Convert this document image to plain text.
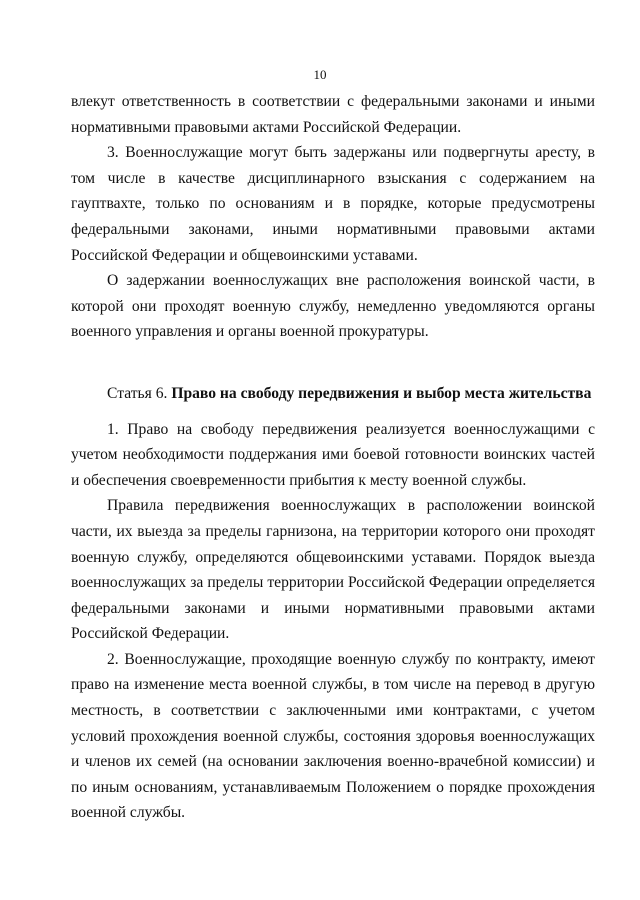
10

влекут ответственность в соответствии с федеральными законами и иными нормативными правовыми актами Российской Федерации.

3. Военнослужащие могут быть задержаны или подвергнуты аресту, в том числе в качестве дисциплинарного взыскания с содержанием на гауптвахте, только по основаниям и в порядке, которые предусмотрены федеральными законами, иными нормативными правовыми актами Российской Федерации и общевоинскими уставами.

О задержании военнослужащих вне расположения воинской части, в которой они проходят военную службу, немедленно уведомляются органы военного управления и органы военной прокуратуры.

Статья 6. Право на свободу передвижения и выбор места жительства

1. Право на свободу передвижения реализуется военнослужащими с учетом необходимости поддержания ими боевой готовности воинских частей и обеспечения своевременности прибытия к месту военной службы.

Правила передвижения военнослужащих в расположении воинской части, их выезда за пределы гарнизона, на территории которого они проходят военную службу, определяются общевоинскими уставами. Порядок выезда военнослужащих за пределы территории Российской Федерации определяется федеральными законами и иными нормативными правовыми актами Российской Федерации.

2. Военнослужащие, проходящие военную службу по контракту, имеют право на изменение места военной службы, в том числе на перевод в другую местность, в соответствии с заключенными ими контрактами, с учетом условий прохождения военной службы, состояния здоровья военнослужащих и членов их семей (на основании заключения военно-врачебной комиссии) и по иным основаниям, устанавливаемым Положением о порядке прохождения военной службы.
